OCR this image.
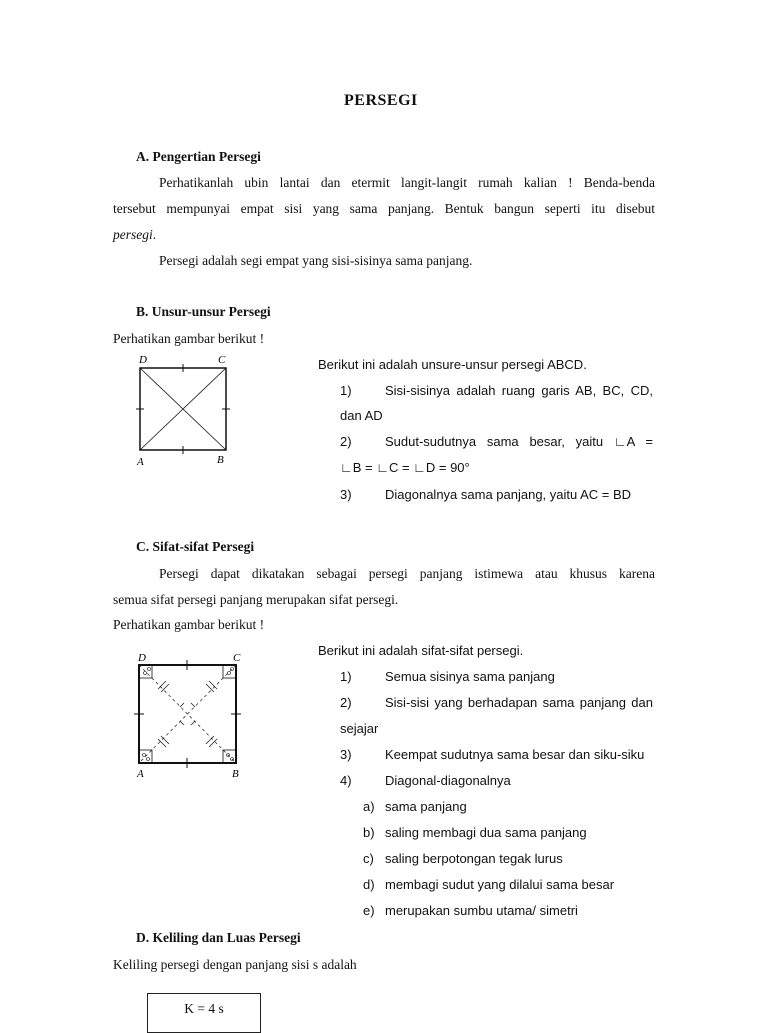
PERSEGI
A. Pengertian Persegi
Perhatikanlah ubin lantai dan etermit langit-langit rumah kalian ! Benda-benda
tersebut mempunyai empat sisi yang sama panjang. Bentuk bangun seperti itu disebut
persegi.
Persegi adalah segi empat yang sisi-sisinya sama panjang.
B. Unsur-unsur Persegi
Perhatikan gambar berikut !
D	C
A	B
Berikut ini adalah unsure-unsur persegi ABCD.
1)	Sisi-sisinya adalah ruang garis AB, BC, CD,
dan AD
2)	Sudut-sudutnya sama besar, yaitu ∟A =
∟B = ∟C = ∟D = 90°
3)	Diagonalnya sama panjang, yaitu AC = BD
C. Sifat-sifat Persegi
Persegi dapat dikatakan sebagai persegi panjang istimewa atau khusus karena
semua sifat persegi panjang merupakan sifat persegi.
Perhatikan gambar berikut !
D	C
A	B
Berikut ini adalah sifat-sifat persegi.
1)	Semua sisinya sama panjang
2)	Sisi-sisi yang berhadapan sama panjang dan
sejajar
3)	Keempat sudutnya sama besar dan siku-siku
4)	Diagonal-diagonalnya
a) sama panjang
b) saling membagi dua sama panjang
c) saling berpotongan tegak lurus
d) membagi sudut yang dilalui sama besar
e) merupakan sumbu utama/ simetri
D. Keliling dan Luas Persegi
Keliling persegi dengan panjang sisi s adalah
K = 4 s
